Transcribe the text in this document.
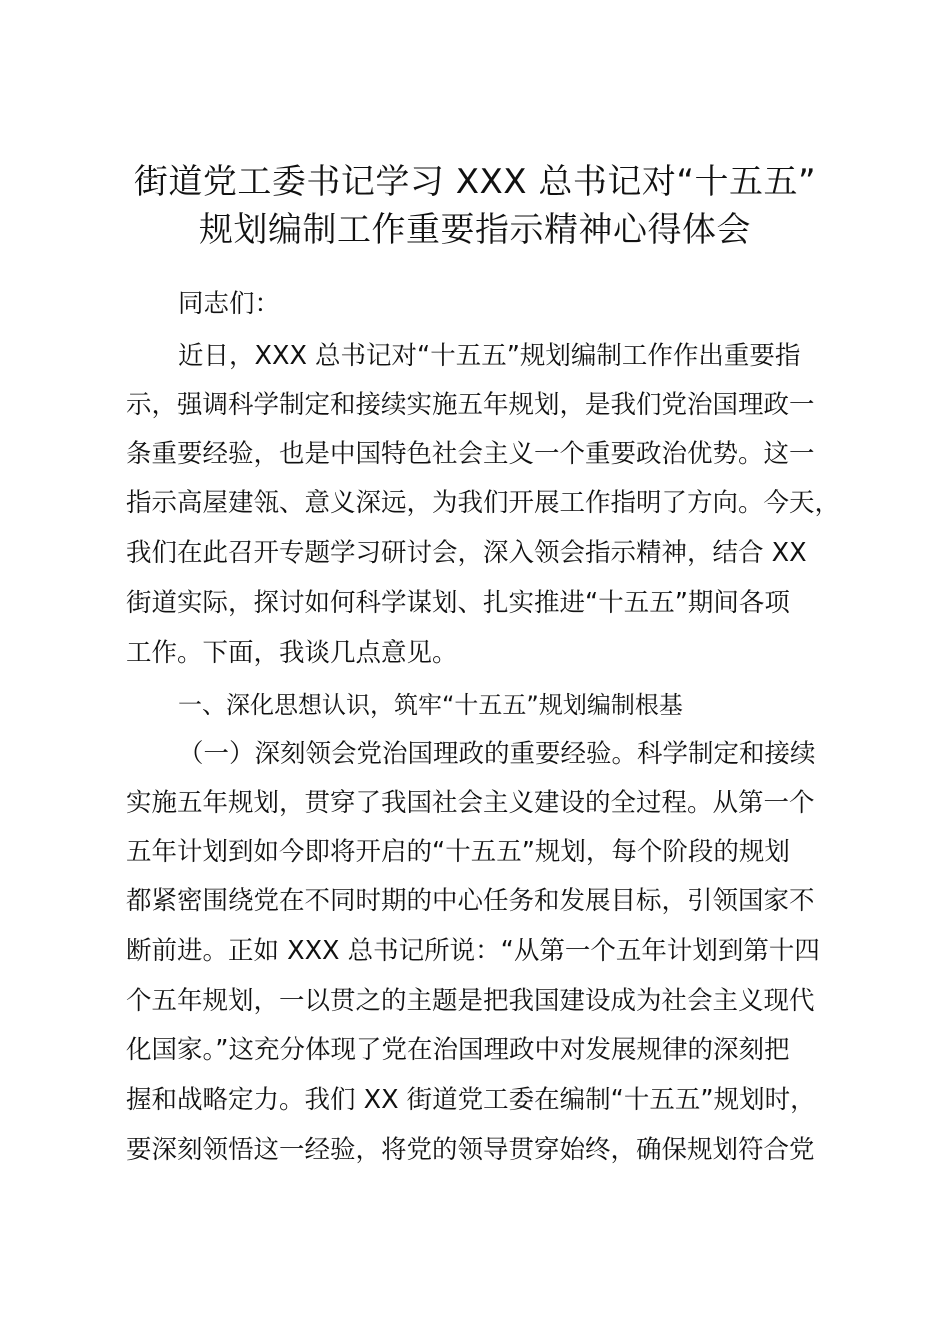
街道党工委书记学习 XXX 总书记对“十五五”
规划编制工作重要指示精神心得体会

同志们：

近日，XXX 总书记对“十五五”规划编制工作作出重要指

示，强调科学制定和接续实施五年规划，是我们党治国理政一

条重要经验，也是中国特色社会主义一个重要政治优势。这一

指示高屋建瓴、意义深远，为我们开展工作指明了方向。今天，

我们在此召开专题学习研讨会，深入领会指示精神，结合 XX

街道实际，探讨如何科学谋划、扎实推进“十五五”期间各项

工作。下面，我谈几点意见。

一、深化思想认识，筑牢“十五五”规划编制根基

（一）深刻领会党治国理政的重要经验。科学制定和接续

实施五年规划，贯穿了我国社会主义建设的全过程。从第一个

五年计划到如今即将开启的“十五五”规划，每个阶段的规划

都紧密围绕党在不同时期的中心任务和发展目标，引领国家不

断前进。正如 XXX 总书记所说：“从第一个五年计划到第十四

个五年规划，一以贯之的主题是把我国建设成为社会主义现代

化国家。”这充分体现了党在治国理政中对发展规律的深刻把

握和战略定力。我们 XX 街道党工委在编制“十五五”规划时，

要深刻领悟这一经验，将党的领导贯穿始终，确保规划符合党
